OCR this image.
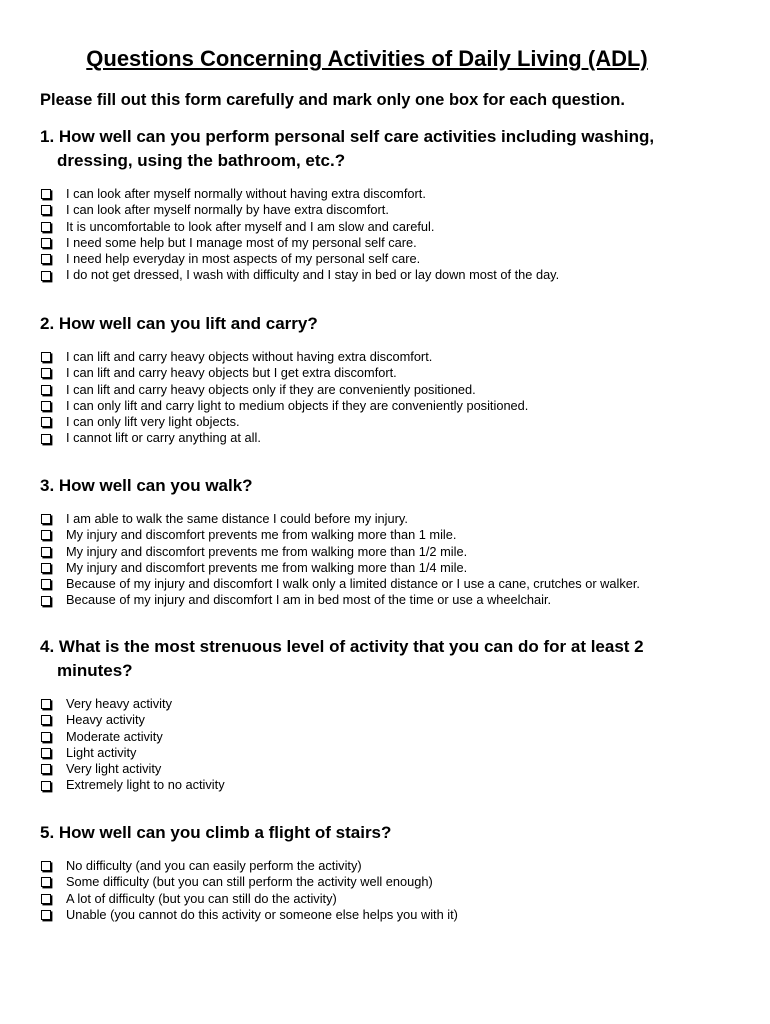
Questions Concerning Activities of Daily Living (ADL)

Please fill out this form carefully and mark only one box for each question.

1. How well can you perform personal self care activities including washing, dressing, using the bathroom, etc.?

I can look after myself normally without having extra discomfort.
I can look after myself normally by have extra discomfort.
It is uncomfortable to look after myself and I am slow and careful.
I need some help but I manage most of my personal self care.
I need help everyday in most aspects of my personal self care.
I do not get dressed, I wash with difficulty and I stay in bed or lay down most of the day.

2. How well can you lift and carry?

I can lift and carry heavy objects without having extra discomfort.
I can lift and carry heavy objects but I get extra discomfort.
I can lift and carry heavy objects only if they are conveniently positioned.
I can only lift and carry light to medium objects if they are conveniently positioned.
I can only lift very light objects.
I cannot lift or carry anything at all.

3. How well can you walk?

I am able to walk the same distance I could before my injury.
My injury and discomfort prevents me from walking more than 1 mile.
My injury and discomfort prevents me from walking more than 1/2 mile.
My injury and discomfort prevents me from walking more than 1/4 mile.
Because of my injury and discomfort I walk only a limited distance or I use a cane, crutches or walker.
Because of my injury and discomfort I am in bed most of the time or use a wheelchair.

4. What is the most strenuous level of activity that you can do for at least 2 minutes?

Very heavy activity
Heavy activity
Moderate activity
Light activity
Very light activity
Extremely light to no activity

5. How well can you climb a flight of stairs?

No difficulty (and you can easily perform the activity)
Some difficulty (but you can still perform the activity well enough)
A lot of difficulty (but you can still do the activity)
Unable (you cannot do this activity or someone else helps you with it)
